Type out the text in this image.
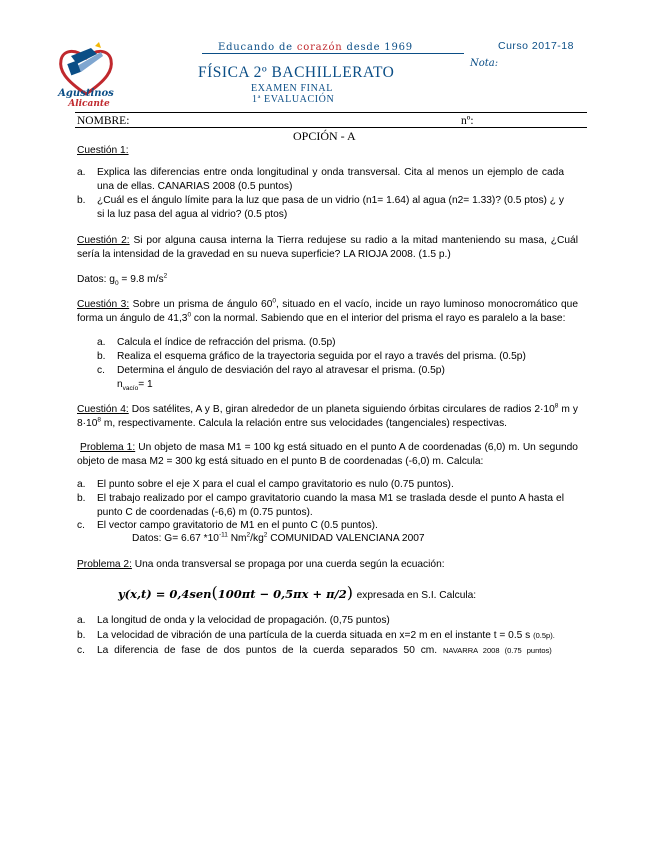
Agustinos
Alicante
Educando de corazón desde 1969	Curso 2017-18
Nota:
FÍSICA 2º BACHILLERATO
EXAMEN FINAL
1ª EVALUACIÓN
NOMBRE:	nº:
OPCIÓN - A
Cuestión 1:
a.	Explica las diferencias entre onda longitudinal y onda transversal. Cita al menos un ejemplo de cada una de ellas. CANARIAS 2008 (0.5 puntos)
b.	¿Cuál es el ángulo límite para la luz que pasa de un vidrio (n1= 1.64) al agua (n2= 1.33)? (0.5 ptos) ¿ y si la luz pasa del agua al vidrio? (0.5 ptos)
Cuestión 2: Si por alguna causa interna la Tierra redujese su radio a la mitad manteniendo su masa, ¿Cuál sería la intensidad de la gravedad en su nueva superficie? LA RIOJA 2008. (1.5 p.)
Datos: $g_0 = 9.8$ $m/s^2$
Cuestión 3: Sobre un prisma de ángulo $60^0$, situado en el vacío, incide un rayo luminoso monocromático que forma un ángulo de 41,3$^0$ con la normal. Sabiendo que en el interior del prisma el rayo es paralelo a la base:
a.	Calcula el índice de refracción del prisma. (0.5p)
b.	Realiza el esquema gráfico de la trayectoria seguida por el rayo a través del prisma. (0.5p)
c.	Determina el ángulo de desviación del rayo al atravesar el prisma. (0.5p)
$n_{vacío}= 1$
Cuestión 4: Dos satélites, A y B, giran alrededor de un planeta siguiendo órbitas circulares de radios $2\cdot 10^8$ m y $8\cdot 10^8$ m, respectivamente. Calcula la relación entre sus velocidades (tangenciales) respectivas.
Problema 1: Un objeto de masa M1 = 100 kg está situado en el punto A de coordenadas (6,0) m. Un segundo objeto de masa M2 = 300 kg está situado en el punto B de coordenadas (-6,0) m. Calcula:
a.	El punto sobre el eje X para el cual el campo gravitatorio es nulo (0.75 puntos).
b.	El trabajo realizado por el campo gravitatorio cuando la masa M1 se traslada desde el punto A hasta el punto C de coordenadas (-6,6) m (0.75 puntos).
c.	El vector campo gravitatorio de M1 en el punto C (0.5 puntos).
Datos: G= 6.67 $*10^{-11}$ $Nm^2/kg^2$ COMUNIDAD VALENCIANA 2007
Problema 2: Una onda transversal se propaga por una cuerda según la ecuación:
y(x,t) = 0,4sen(100πt − 0,5πx + π/2) expresada en S.I. Calcula:
a.	La longitud de onda y la velocidad de propagación. (0,75 puntos)
b.	La velocidad de vibración de una partícula de la cuerda situada en x=2 m en el instante t = 0.5 s (0.5p).
c.	La diferencia de fase de dos puntos de la cuerda separados 50 cm. NAVARRA 2008 (0.75 puntos)
